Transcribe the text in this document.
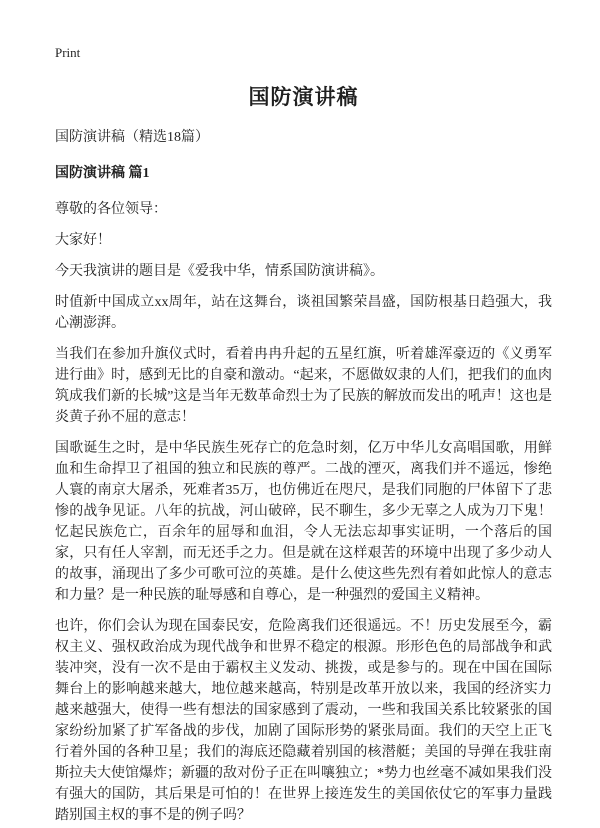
Print
国防演讲稿

国防演讲稿（精选18篇）

国防演讲稿 篇1

尊敬的各位领导：

大家好！

今天我演讲的题目是《爱我中华，情系国防演讲稿》。

时值新中国成立xx周年，站在这舞台，谈祖国繁荣昌盛，国防根基日趋强大，我心潮澎湃。

当我们在参加升旗仪式时，看着冉冉升起的五星红旗，听着雄浑豪迈的《义勇军进行曲》时，感到无比的自豪和激动。“起来，不愿做奴隶的人们，把我们的血肉筑成我们新的长城”这是当年无数革命烈士为了民族的解放而发出的吼声！这也是炎黄子孙不屈的意志！

国歌诞生之时，是中华民族生死存亡的危急时刻，亿万中华儿女高唱国歌，用鲜血和生命捍卫了祖国的独立和民族的尊严。二战的湮灭，离我们并不遥远，惨绝人寰的南京大屠杀，死难者35万，也仿佛近在咫尺，是我们同胞的尸体留下了悲惨的战争见证。八年的抗战，河山破碎，民不聊生，多少无辜之人成为刀下鬼！忆起民族危亡，百余年的屈辱和血泪，令人无法忘却事实证明，一个落后的国家，只有任人宰割，而无还手之力。但是就在这样艰苦的环境中出现了多少动人的故事，涌现出了多少可歌可泣的英雄。是什么使这些先烈有着如此惊人的意志和力量？是一种民族的耻辱感和自尊心，是一种强烈的爱国主义精神。

也许，你们会认为现在国泰民安，危险离我们还很遥远。不！历史发展至今，霸权主义、强权政治成为现代战争和世界不稳定的根源。形形色色的局部战争和武装冲突，没有一次不是由于霸权主义发动、挑拨，或是参与的。现在中国在国际舞台上的影响越来越大，地位越来越高，特别是改革开放以来，我国的经济实力越来越强大，使得一些有想法的国家感到了震动，一些和我国关系比较紧张的国家纷纷加紧了扩军备战的步伐，加剧了国际形势的紧张局面。我们的天空上正飞行着外国的各种卫星；我们的海底还隐藏着别国的核潜艇；美国的导弹在我驻南斯拉夫大使馆爆炸；新疆的敌对份子正在叫嚷独立；*势力也丝毫不减如果我们没有强大的国防，其后果是可怕的！在世界上接连发生的美国依仗它的军事力量践踏别国主权的事不是的例子吗？
